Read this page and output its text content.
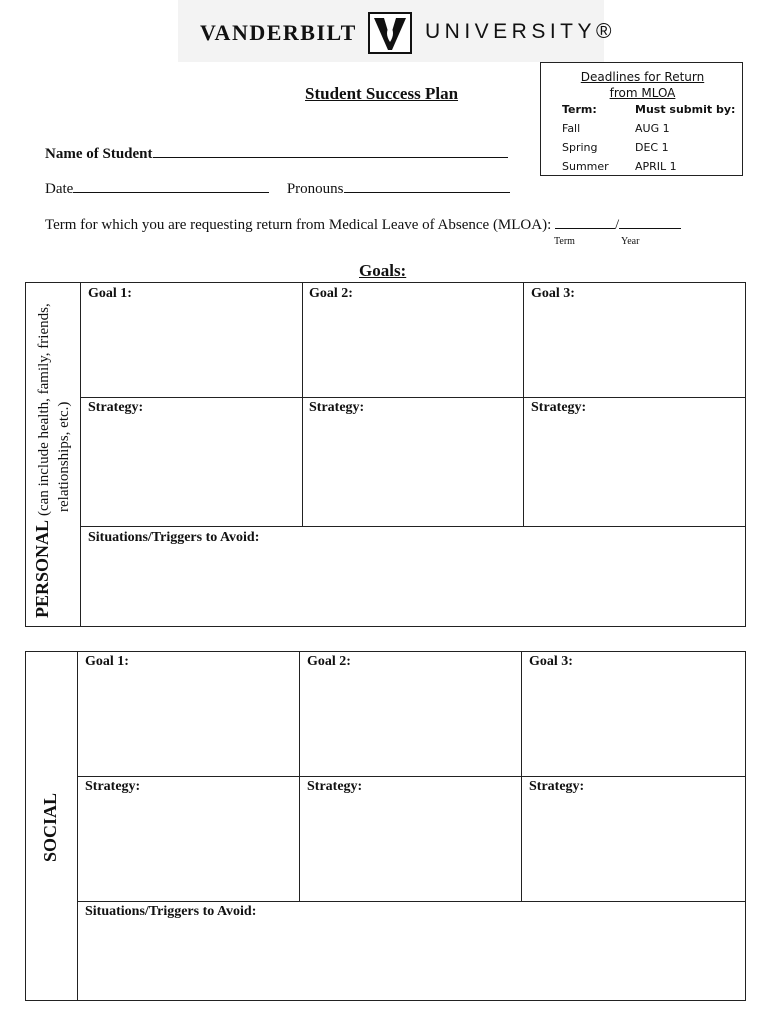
VANDERBILT	UNIVERSITY®
Deadlines for Return
from MLOA
Term:	Must submit by:
Fall	AUG 1
Spring	DEC 1
Summer APRIL 1
Student Success Plan
Name of Student
Date	Pronouns
Term for which you are requesting return from Medical Leave of Absence (MLOA):	/
Term	Year
Goals:
PERSONAL (can include health, family, friends, relationships, etc.)
Goal 1:	Goal 2:	Goal 3:
Strategy:	Strategy:	Strategy:
Situations/Triggers to Avoid:
SOCIAL
Goal 1:	Goal 2:	Goal 3:
Strategy:	Strategy:	Strategy:
Situations/Triggers to Avoid:
